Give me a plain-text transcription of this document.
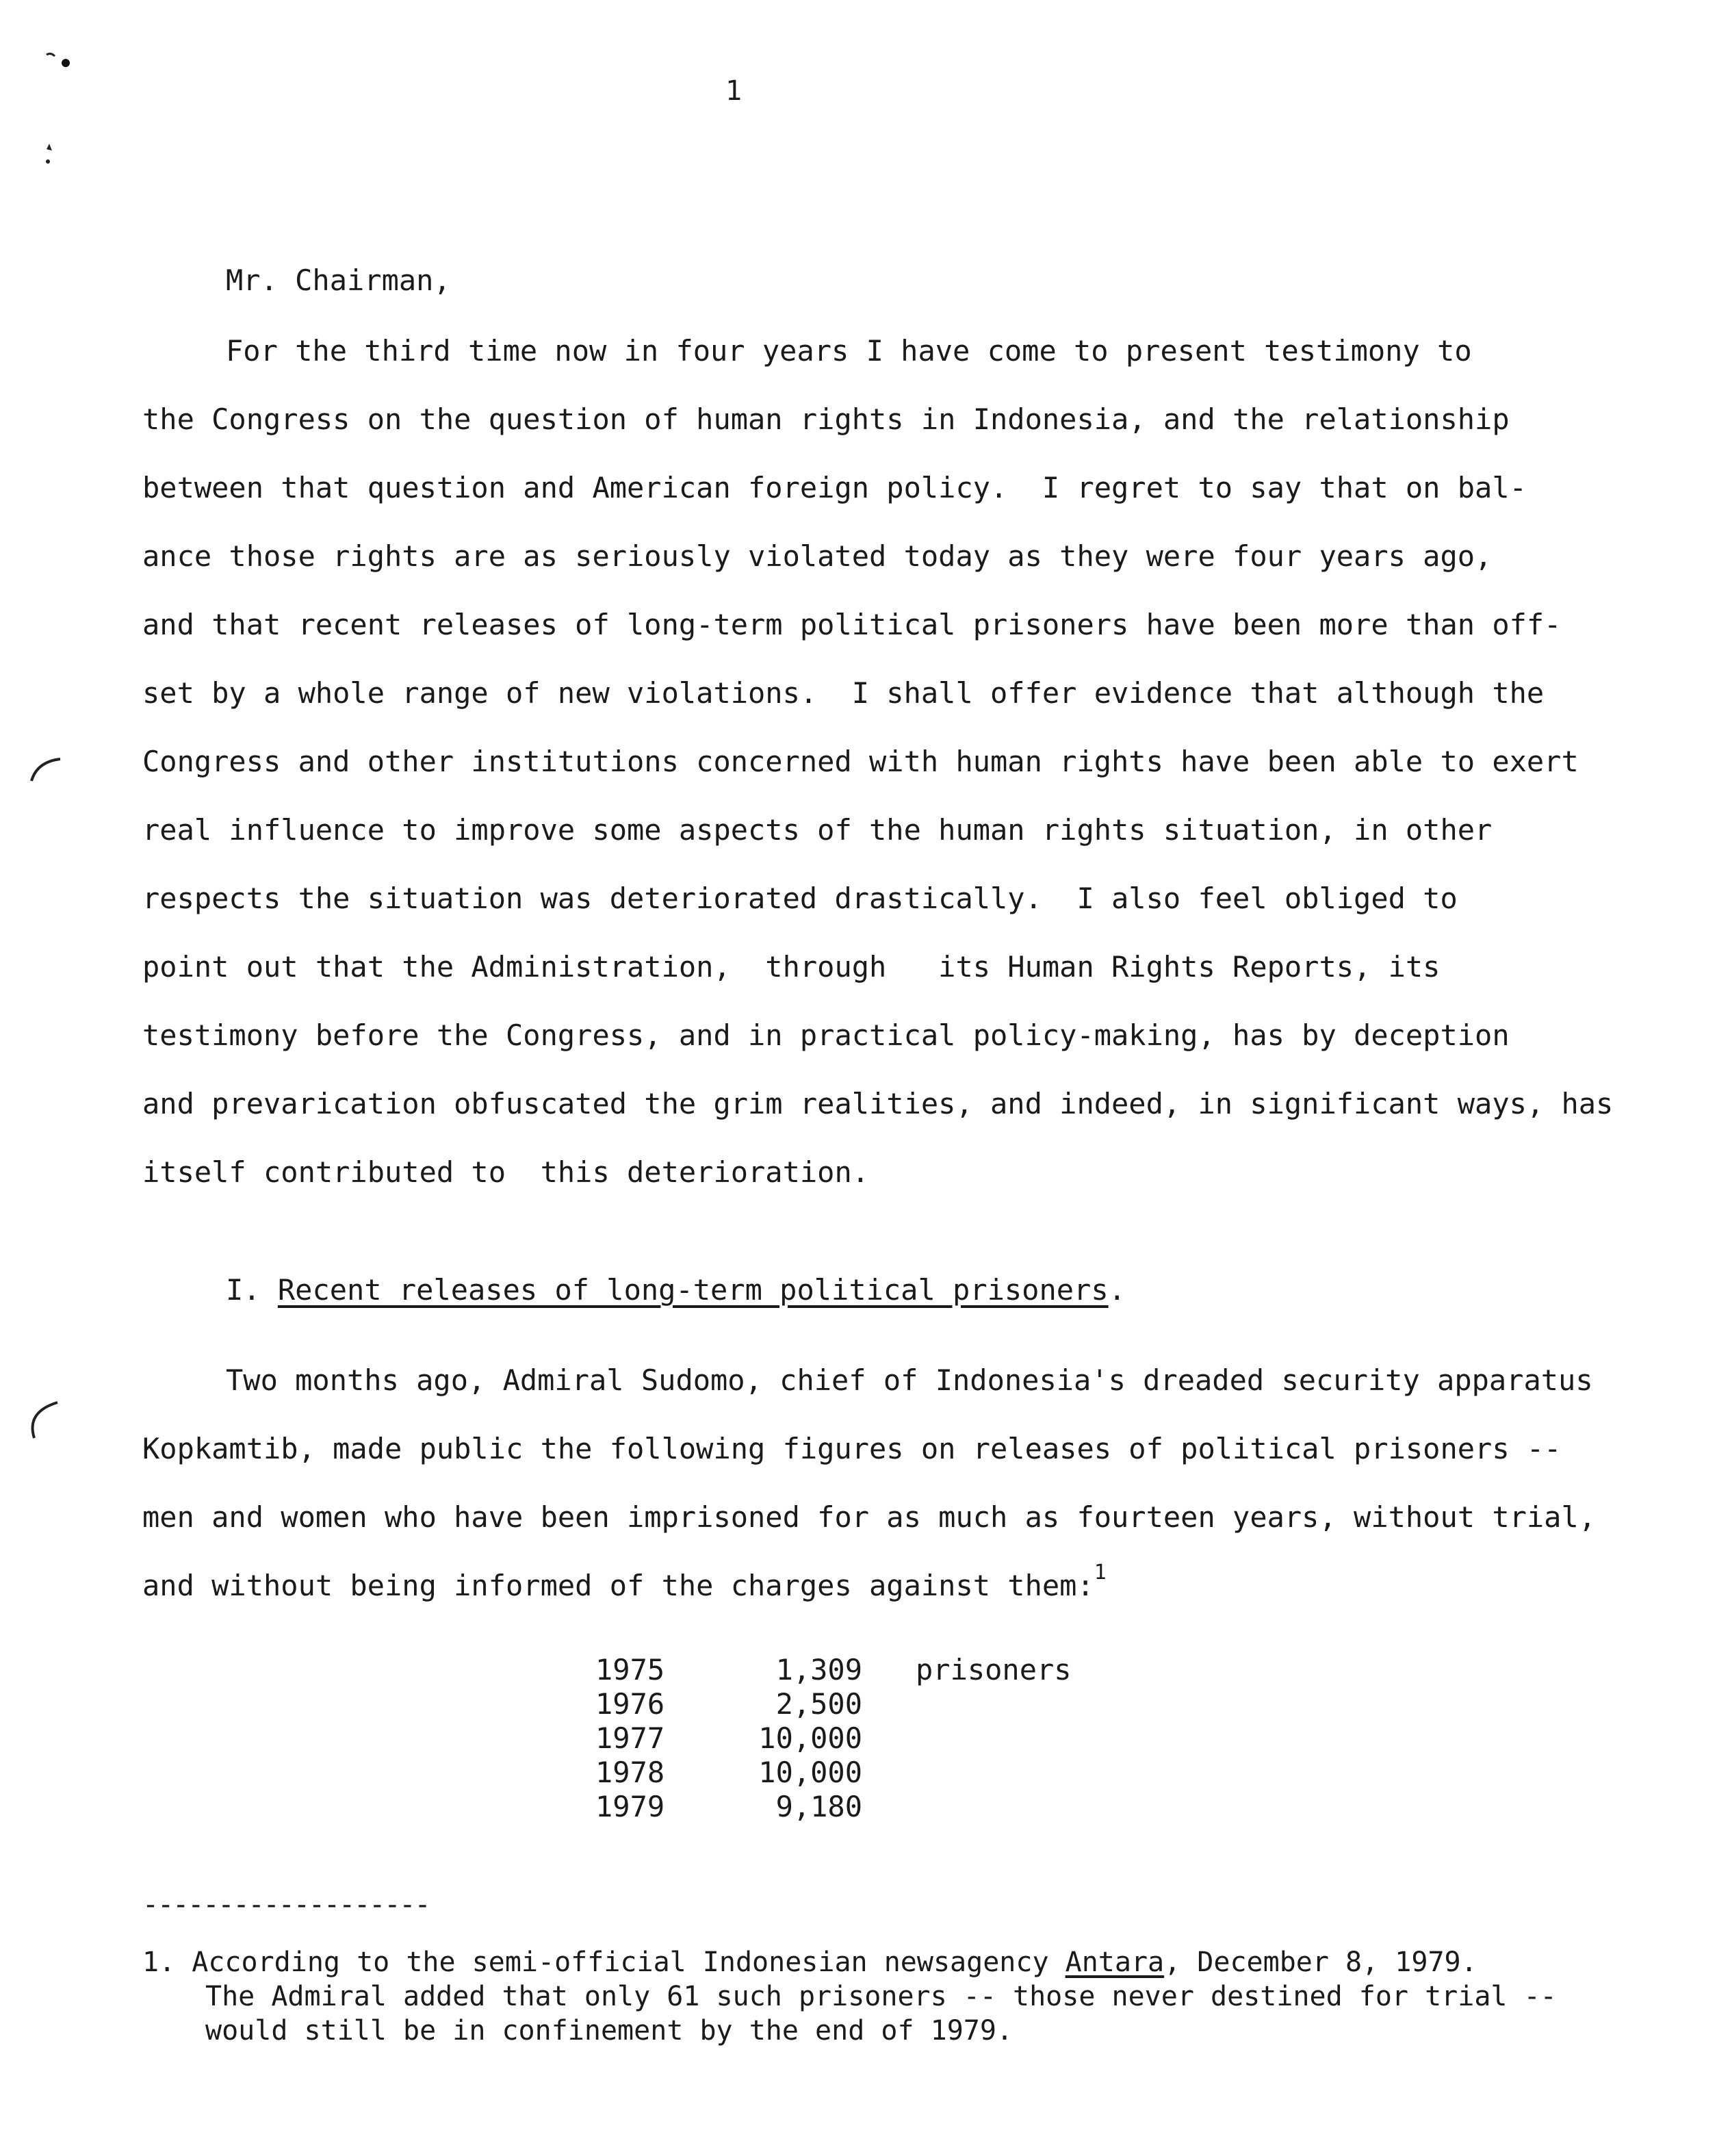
1
Mr. Chairman,
For the third time now in four years I have come to present testimony to
the Congress on the question of human rights in Indonesia, and the relationship
between that question and American foreign policy.  I regret to say that on bal-
ance those rights are as seriously violated today as they were four years ago,
and that recent releases of long-term political prisoners have been more than off-
set by a whole range of new violations.  I shall offer evidence that although the
Congress and other institutions concerned with human rights have been able to exert
real influence to improve some aspects of the human rights situation, in other
respects the situation was deteriorated drastically.  I also feel obliged to
point out that the Administration,  through   its Human Rights Reports, its
testimony before the Congress, and in practical policy-making, has by deception
and prevarication obfuscated the grim realities, and indeed, in significant ways, has
itself contributed to  this deterioration.
I. Recent releases of long-term political prisoners.
Two months ago, Admiral Sudomo, chief of Indonesia's dreaded security apparatus
Kopkamtib, made public the following figures on releases of political prisoners --
men and women who have been imprisoned for as much as fourteen years, without trial,
and without being informed of the charges against them:$^1$
1975	1,309 prisoners
1976	2,500
1977	10,000
1978	10,000
1979	9,180
-------------------
1. According to the semi-official Indonesian newsagency Antara, December 8, 1979.
The Admiral added that only 61 such prisoners -- those never destined for trial --
would still be in confinement by the end of 1979.
